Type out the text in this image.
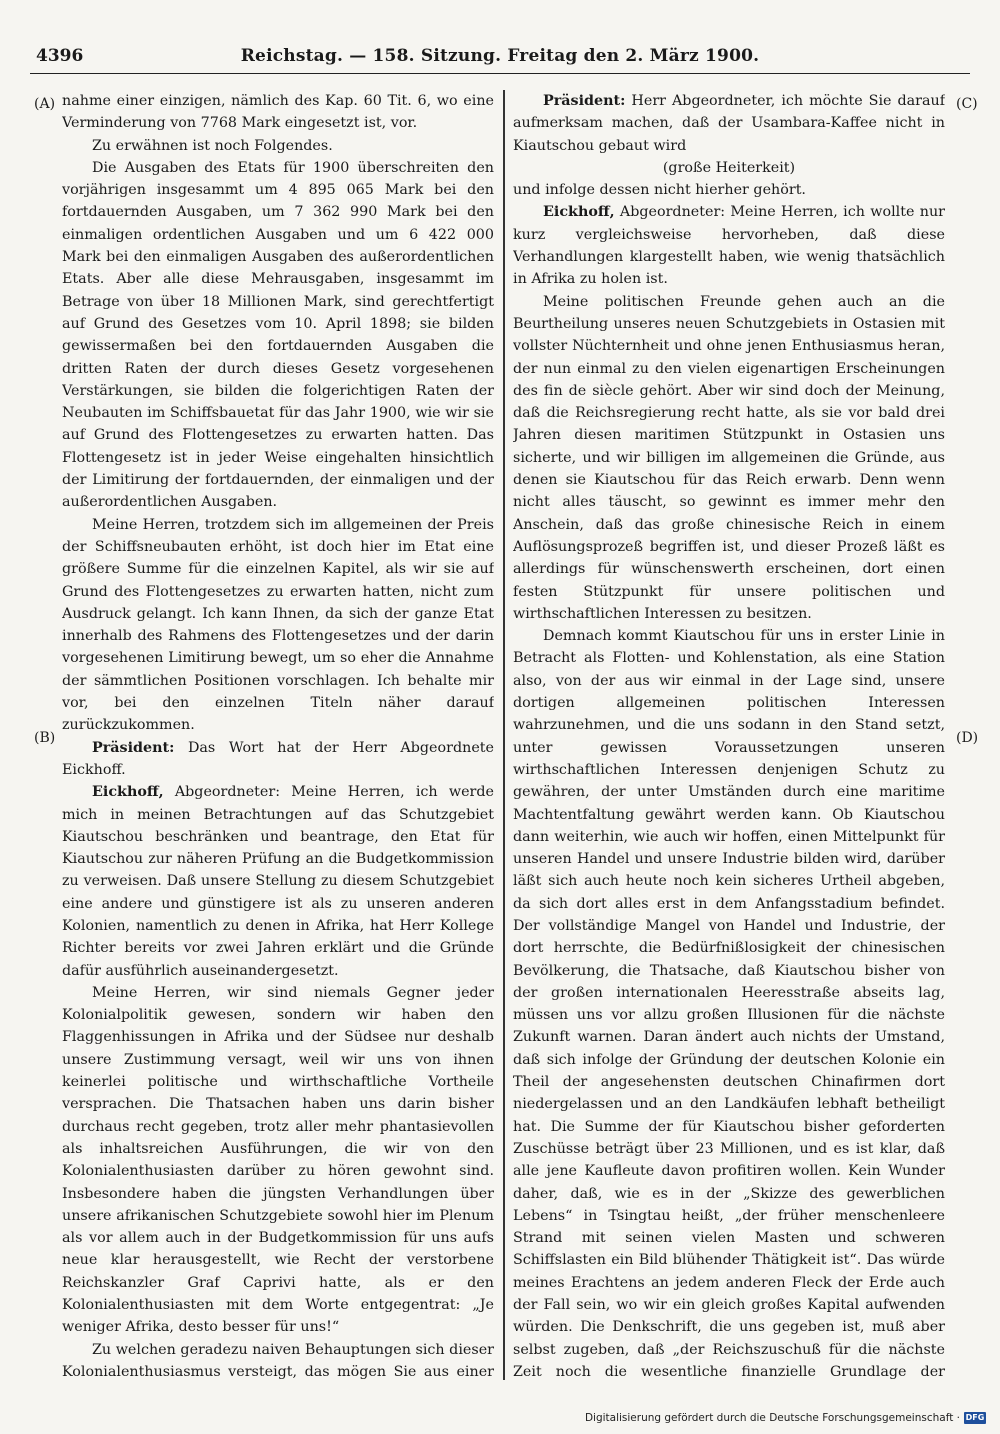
4396	Reichstag. — 158. Sitzung. Freitag den 2. März 1900.
(A)
(B)
(C)
(D)

nahme einer einzigen, nämlich des Kap. 60 Tit. 6, wo eine Verminderung von 7768 Mark eingesetzt ist, vor.

Zu erwähnen ist noch Folgendes.

Die Ausgaben des Etats für 1900 überschreiten den vorjährigen insgesammt um 4 895 065 Mark bei den fortdauernden Ausgaben, um 7 362 990 Mark bei den einmaligen ordentlichen Ausgaben und um 6 422 000 Mark bei den einmaligen Ausgaben des außerordentlichen Etats. Aber alle diese Mehrausgaben, insgesammt im Betrage von über 18 Millionen Mark, sind gerechtfertigt auf Grund des Gesetzes vom 10. April 1898; sie bilden gewissermaßen bei den fortdauernden Ausgaben die dritten Raten der durch dieses Gesetz vorgesehenen Verstärkungen, sie bilden die folgerichtigen Raten der Neubauten im Schiffsbauetat für das Jahr 1900, wie wir sie auf Grund des Flottengesetzes zu erwarten hatten. Das Flottengesetz ist in jeder Weise eingehalten hinsichtlich der Limitirung der fortdauernden, der einmaligen und der außerordentlichen Ausgaben.

Meine Herren, trotzdem sich im allgemeinen der Preis der Schiffsneubauten erhöht, ist doch hier im Etat eine größere Summe für die einzelnen Kapitel, als wir sie auf Grund des Flottengesetzes zu erwarten hatten, nicht zum Ausdruck gelangt. Ich kann Ihnen, da sich der ganze Etat innerhalb des Rahmens des Flottengesetzes und der darin vorgesehenen Limitirung bewegt, um so eher die Annahme der sämmtlichen Positionen vorschlagen. Ich behalte mir vor, bei den einzelnen Titeln näher darauf zurückzukommen.

Präsident: Das Wort hat der Herr Abgeordnete Eickhoff.

Eickhoff, Abgeordneter: Meine Herren, ich werde mich in meinen Betrachtungen auf das Schutzgebiet Kiautschou beschränken und beantrage, den Etat für Kiautschou zur näheren Prüfung an die Budgetkommission zu verweisen. Daß unsere Stellung zu diesem Schutzgebiet eine andere und günstigere ist als zu unseren anderen Kolonien, namentlich zu denen in Afrika, hat Herr Kollege Richter bereits vor zwei Jahren erklärt und die Gründe dafür ausführlich auseinandergesetzt.

Meine Herren, wir sind niemals Gegner jeder Kolonialpolitik gewesen, sondern wir haben den Flaggenhissungen in Afrika und der Südsee nur deshalb unsere Zustimmung versagt, weil wir uns von ihnen keinerlei politische und wirthschaftliche Vortheile versprachen. Die Thatsachen haben uns darin bisher durchaus recht gegeben, trotz aller mehr phantasievollen als inhaltsreichen Ausführungen, die wir von den Kolonialenthusiasten darüber zu hören gewohnt sind. Insbesondere haben die jüngsten Verhandlungen über unsere afrikanischen Schutzgebiete sowohl hier im Plenum als vor allem auch in der Budgetkommission für uns aufs neue klar herausgestellt, wie Recht der verstorbene Reichskanzler Graf Caprivi hatte, als er den Kolonialenthusiasten mit dem Worte entgegentrat: „Je weniger Afrika, desto besser für uns!“

Zu welchen geradezu naiven Behauptungen sich dieser Kolonialenthusiasmus versteigt, das mögen Sie aus einer

Präsident: Herr Abgeordneter, ich möchte Sie darauf aufmerksam machen, daß der Usambara-Kaffee nicht in Kiautschou gebaut wird

(große Heiterkeit)

und infolge dessen nicht hierher gehört.

Eickhoff, Abgeordneter: Meine Herren, ich wollte nur kurz vergleichsweise hervorheben, daß diese Verhandlungen klargestellt haben, wie wenig thatsächlich in Afrika zu holen ist.

Meine politischen Freunde gehen auch an die Beurtheilung unseres neuen Schutzgebiets in Ostasien mit vollster Nüchternheit und ohne jenen Enthusiasmus heran, der nun einmal zu den vielen eigenartigen Erscheinungen des fin de siècle gehört. Aber wir sind doch der Meinung, daß die Reichsregierung recht hatte, als sie vor bald drei Jahren diesen maritimen Stützpunkt in Ostasien uns sicherte, und wir billigen im allgemeinen die Gründe, aus denen sie Kiautschou für das Reich erwarb. Denn wenn nicht alles täuscht, so gewinnt es immer mehr den Anschein, daß das große chinesische Reich in einem Auflösungsprozeß begriffen ist, und dieser Prozeß läßt es allerdings für wünschenswerth erscheinen, dort einen festen Stützpunkt für unsere politischen und wirthschaftlichen Interessen zu besitzen.

Demnach kommt Kiautschou für uns in erster Linie in Betracht als Flotten- und Kohlenstation, als eine Station also, von der aus wir einmal in der Lage sind, unsere dortigen allgemeinen politischen Interessen wahrzunehmen, und die uns sodann in den Stand setzt, unter gewissen Voraussetzungen unseren wirthschaftlichen Interessen denjenigen Schutz zu gewähren, der unter Umständen durch eine maritime Machtentfaltung gewährt werden kann. Ob Kiautschou dann weiterhin, wie auch wir hoffen, einen Mittelpunkt für unseren Handel und unsere Industrie bilden wird, darüber läßt sich auch heute noch kein sicheres Urtheil abgeben, da sich dort alles erst in dem Anfangsstadium befindet. Der vollständige Mangel von Handel und Industrie, der dort herrschte, die Bedürfnißlosigkeit der chinesischen Bevölkerung, die Thatsache, daß Kiautschou bisher von der großen internationalen Heeresstraße abseits lag, müssen uns vor allzu großen Illusionen für die nächste Zukunft warnen. Daran ändert auch nichts der Umstand, daß sich infolge der Gründung der deutschen Kolonie ein Theil der angesehensten deutschen Chinafirmen dort niedergelassen und an den Landkäufen lebhaft betheiligt hat. Die Summe der für Kiautschou bisher geforderten Zuschüsse beträgt über 23 Millionen, und es ist klar, daß alle jene Kaufleute davon profitiren wollen. Kein Wunder daher, daß, wie es in der „Skizze des gewerblichen Lebens“ in Tsingtau heißt, „der früher menschenleere Strand mit seinen vielen Masten und schweren Schiffslasten ein Bild blühender Thätigkeit ist“. Das würde meines Erachtens an jedem anderen Fleck der Erde auch der Fall sein, wo wir ein gleich großes Kapital aufwenden würden. Die Denkschrift, die uns gegeben ist, muß aber selbst zugeben, daß „der Reichszuschuß für die nächste Zeit noch die wesentliche finanzielle Grundlage der

Digitalisierung gefördert durch die Deutsche Forschungsgemeinschaft · DFG
